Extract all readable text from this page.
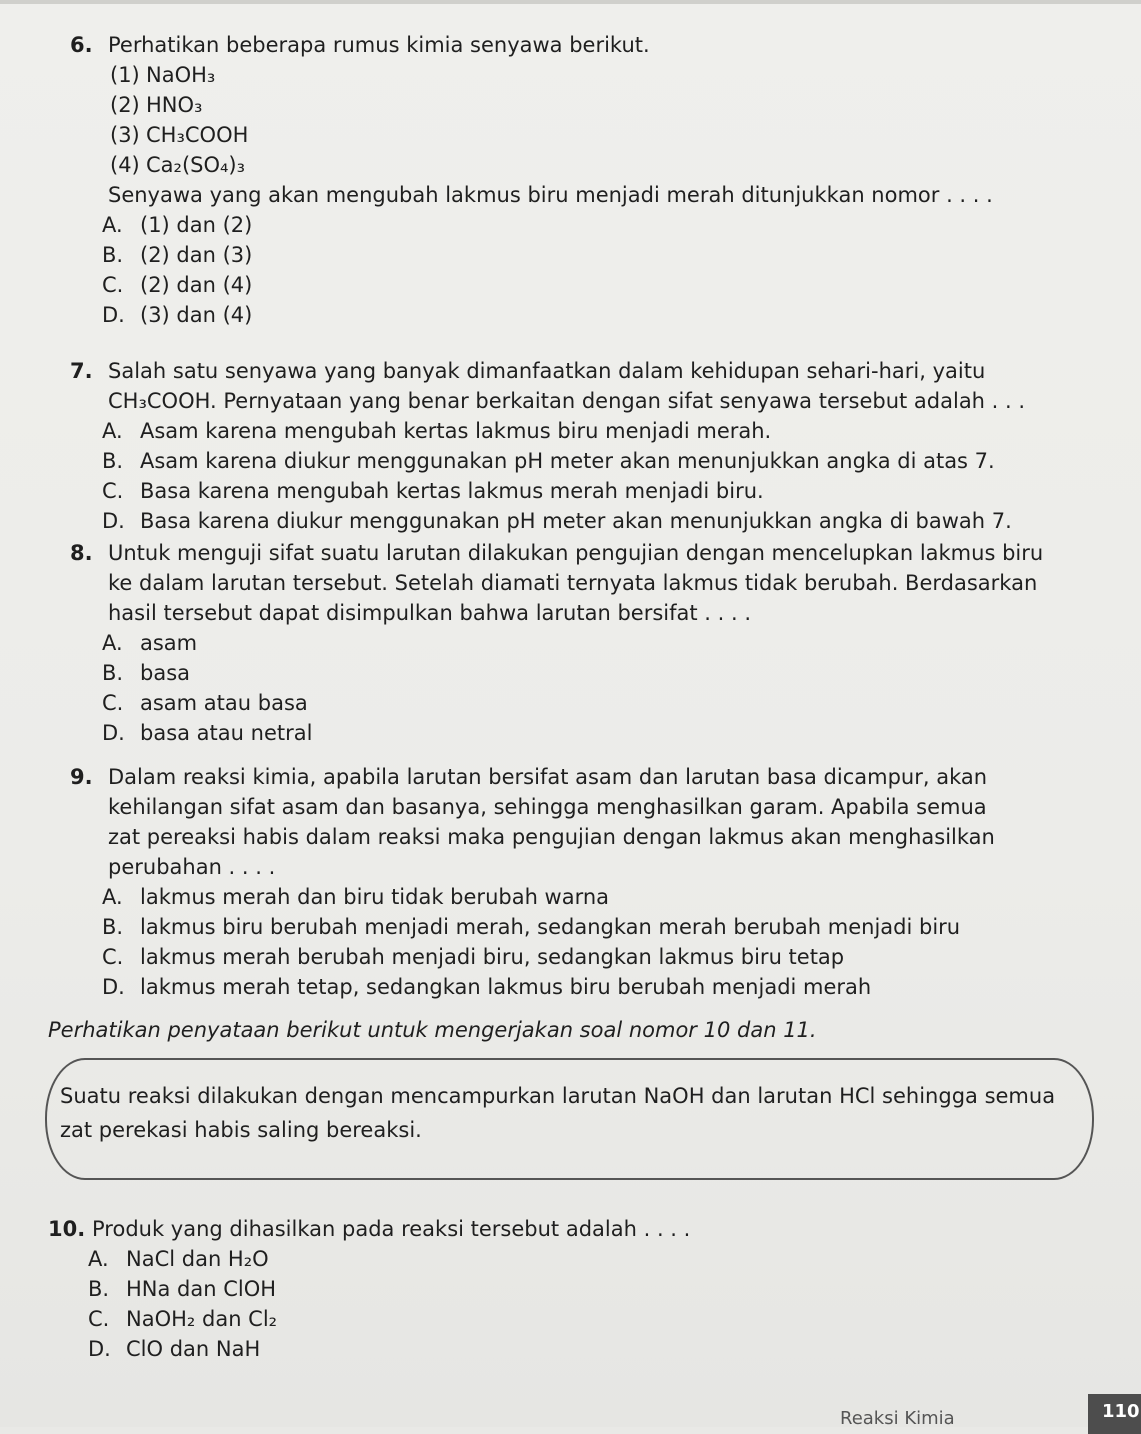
6. Perhatikan beberapa rumus kimia senyawa berikut.
(1) NaOH₃
(2) HNO₃
(3) CH₃COOH
(4) Ca₂(SO₄)₃
Senyawa yang akan mengubah lakmus biru menjadi merah ditunjukkan nomor . . . .
A. (1) dan (2)
B. (2) dan (3)
C. (2) dan (4)
D. (3) dan (4)
7. Salah satu senyawa yang banyak dimanfaatkan dalam kehidupan sehari-hari, yaitu
CH₃COOH. Pernyataan yang benar berkaitan dengan sifat senyawa tersebut adalah . . .
A. Asam karena mengubah kertas lakmus biru menjadi merah.
B. Asam karena diukur menggunakan pH meter akan menunjukkan angka di atas 7.
C. Basa karena mengubah kertas lakmus merah menjadi biru.
D. Basa karena diukur menggunakan pH meter akan menunjukkan angka di bawah 7.
8. Untuk menguji sifat suatu larutan dilakukan pengujian dengan mencelupkan lakmus biru
ke dalam larutan tersebut. Setelah diamati ternyata lakmus tidak berubah. Berdasarkan
hasil tersebut dapat disimpulkan bahwa larutan bersifat . . . .
A. asam
B. basa
C. asam atau basa
D. basa atau netral
9. Dalam reaksi kimia, apabila larutan bersifat asam dan larutan basa dicampur, akan
kehilangan sifat asam dan basanya, sehingga menghasilkan garam. Apabila semua
zat pereaksi habis dalam reaksi maka pengujian dengan lakmus akan menghasilkan
perubahan . . . .
A. lakmus merah dan biru tidak berubah warna
B. lakmus biru berubah menjadi merah, sedangkan merah berubah menjadi biru
C. lakmus merah berubah menjadi biru, sedangkan lakmus biru tetap
D. lakmus merah tetap, sedangkan lakmus biru berubah menjadi merah
Perhatikan penyataan berikut untuk mengerjakan soal nomor 10 dan 11.
Suatu reaksi dilakukan dengan mencampurkan larutan NaOH dan larutan HCl sehingga semua
zat perekasi habis saling bereaksi.
10. Produk yang dihasilkan pada reaksi tersebut adalah . . . .
A. NaCl dan H₂O
B. HNa dan ClOH
C. NaOH₂ dan Cl₂
D. ClO dan NaH
Reaksi Kimia	110
